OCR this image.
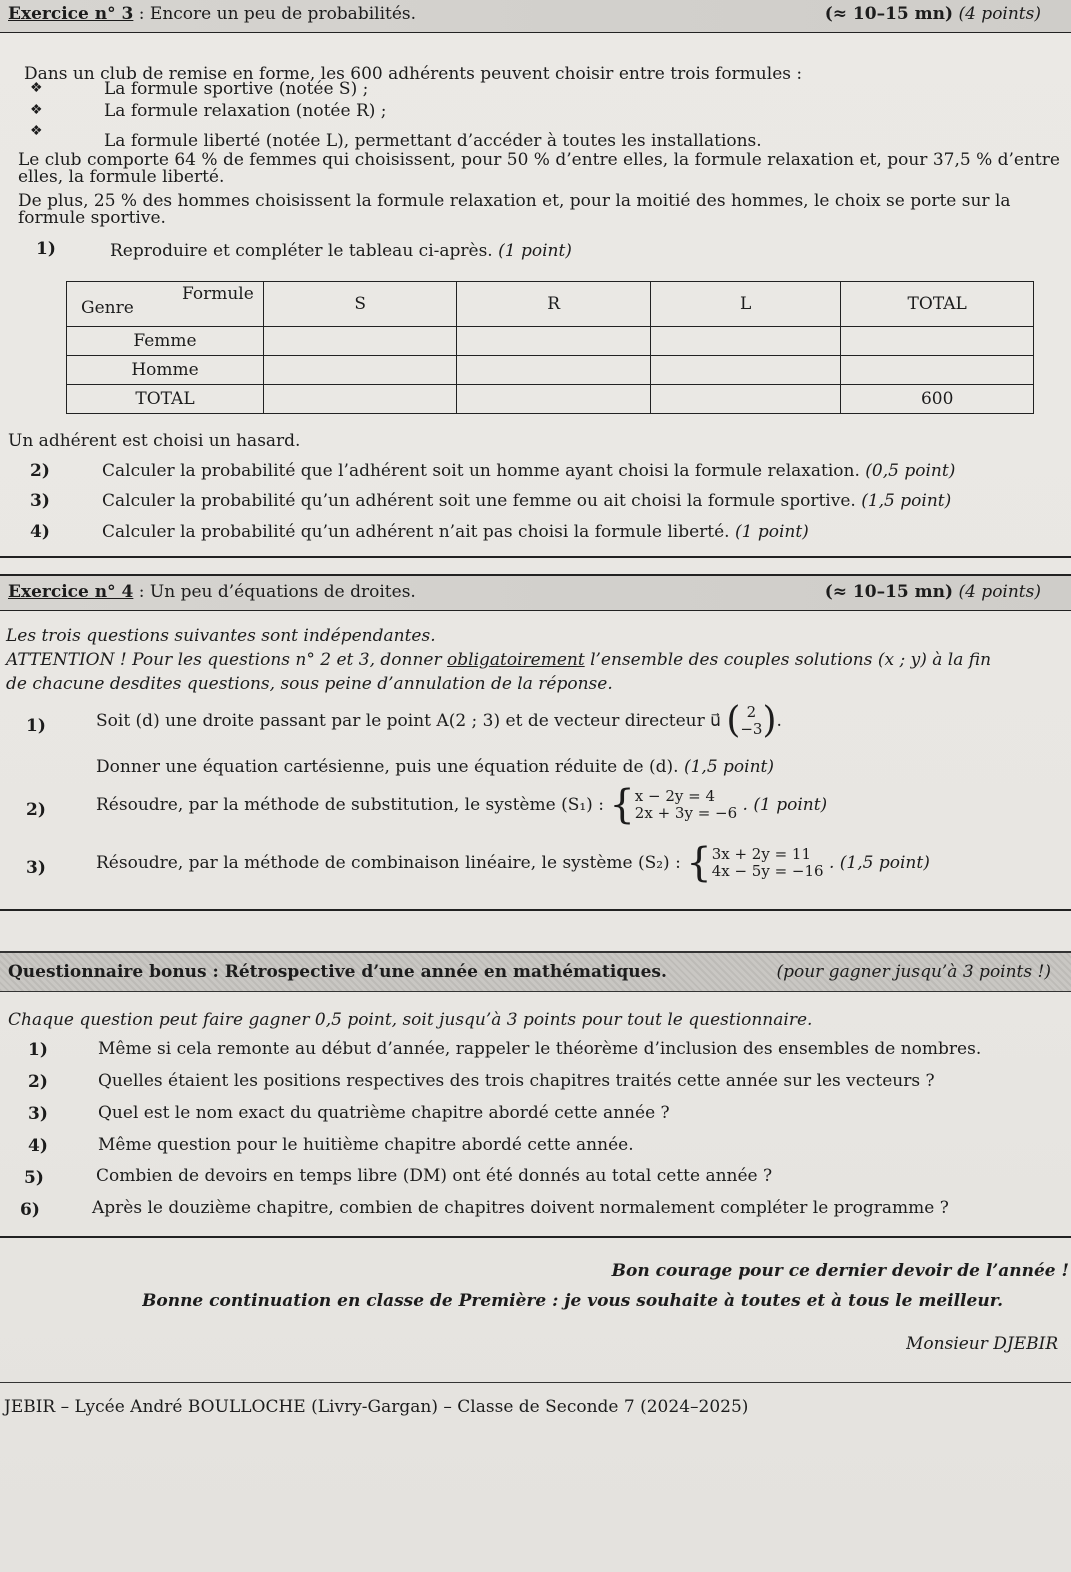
Exercice n° 3 : Encore un peu de probabilités.	(≈ 10–15 mn) (4 points)
Dans un club de remise en forme, les 600 adhérents peuvent choisir entre trois formules :
❖	La formule sportive (notée S) ;
❖	La formule relaxation (notée R) ;
❖	La formule liberté (notée L), permettant d’accéder à toutes les installations.
Le club comporte 64 % de femmes qui choisissent, pour 50 % d’entre elles, la formule relaxation et, pour 37,5 % d’entre
elles, la formule liberté.
De plus, 25 % des hommes choisissent la formule relaxation et, pour la moitié des hommes, le choix se porte sur la
formule sportive.
1)	Reproduire et compléter le tableau ci-après. (1 point)
Formule
Genre	S	R	L	TOTAL
Femme				
Homme				
TOTAL				600
Un adhérent est choisi un hasard.
2)	Calculer la probabilité que l’adhérent soit un homme ayant choisi la formule relaxation. (0,5 point)
3)	Calculer la probabilité qu’un adhérent soit une femme ou ait choisi la formule sportive. (1,5 point)
4)	Calculer la probabilité qu’un adhérent n’ait pas choisi la formule liberté. (1 point)
Exercice n° 4 : Un peu d’équations de droites.	(≈ 10–15 mn) (4 points)
Les trois questions suivantes sont indépendantes.
ATTENTION ! Pour les questions n° 2 et 3, donner obligatoirement l’ensemble des couples solutions (x ; y) à la fin
de chacune desdites questions, sous peine d’annulation de la réponse.
1)	Soit (d) une droite passant par le point A(2 ; 3) et de vecteur directeur u⃗ ( 2
−3).
Donner une équation cartésienne, puis une équation réduite de (d). (1,5 point)
2)	Résoudre, par la méthode de substitution, le système (S₁) : {x − 2y = 4
2x + 3y = −6 . (1 point)
3)	Résoudre, par la méthode de combinaison linéaire, le système (S₂) : {3x + 2y = 11
4x − 5y = −16 . (1,5 point)
Questionnaire bonus : Rétrospective d’une année en mathématiques.	(pour gagner jusqu’à 3 points !)
Chaque question peut faire gagner 0,5 point, soit jusqu’à 3 points pour tout le questionnaire.
1)	Même si cela remonte au début d’année, rappeler le théorème d’inclusion des ensembles de nombres.
2)	Quelles étaient les positions respectives des trois chapitres traités cette année sur les vecteurs ?
3)	Quel est le nom exact du quatrième chapitre abordé cette année ?
4)	Même question pour le huitième chapitre abordé cette année.
5)	Combien de devoirs en temps libre (DM) ont été donnés au total cette année ?
6)	Après le douzième chapitre, combien de chapitres doivent normalement compléter le programme ?
Bon courage pour ce dernier devoir de l’année !
Bonne continuation en classe de Première : je vous souhaite à toutes et à tous le meilleur.
Monsieur DJEBIR
JEBIR – Lycée André BOULLOCHE (Livry-Gargan) – Classe de Seconde 7 (2024–2025)
